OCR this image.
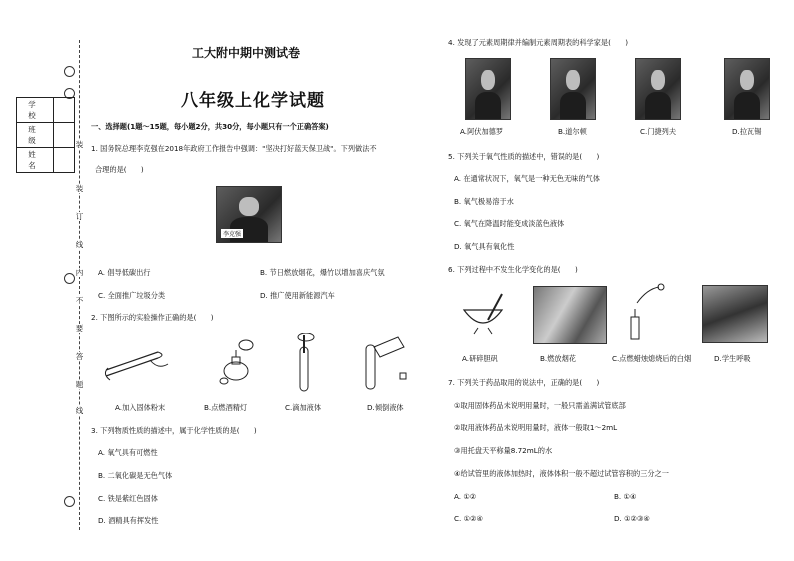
学 校	
班 级	
姓 名	
装
装
订
线
内
不
要
答
题
线
工大附中期中测试卷
八年级上化学试题
一、选择题(1题～15题，每小题2分，共30分，每小题只有一个正确答案)
1. 国务院总理李克强在2018年政府工作报告中强调："坚决打好蓝天保卫战"。下列做法不
合理的是(　　)
李克强
A. 倡导低碳出行	B. 节日燃放烟花，爆竹以增加喜庆气氛
C. 全面推广垃圾分类	D. 推广使用新能源汽车
2. 下图所示的实验操作正确的是(　　)
A.加入固体粉末	B.点燃酒精灯	C.滴加液体	D.倾倒液体
3. 下列物质性质的描述中，属于化学性质的是(　　)
A. 氧气具有可燃性
B. 二氧化碳是无色气体
C. 铁是紫红色固体
D. 酒精具有挥发性
4. 发现了元素周期律并编制元素周期表的科学家是(　　)
A.阿伏加德罗	B.道尔顿	C.门捷列夫	D.拉瓦锡
5. 下列关于氧气性质的描述中，错误的是(　　)
A. 在通常状况下，氧气是一种无色无味的气体
B. 氧气极易溶于水
C. 氧气在降温时能变成淡蓝色液体
D. 氧气具有氧化性
6. 下列过程中不发生化学变化的是(　　)
A.研碎胆矾	B.燃放烟花	C.点燃蜡烛熄烧后的白烟	D.学生呼吸
7. 下列关于药品取用的说法中，正确的是(　　)
①取用固体药品未说明用量时，一般只需盖满试管底部
②取用液体药品未说明用量时，液体一般取1～2mL
③用托盘天平称量8.72mL的水
④给试管里的液体加热时，液体体积一般不超过试管容积的三分之一
A. ①②	B. ①④
C. ①②④	D. ①②③④
